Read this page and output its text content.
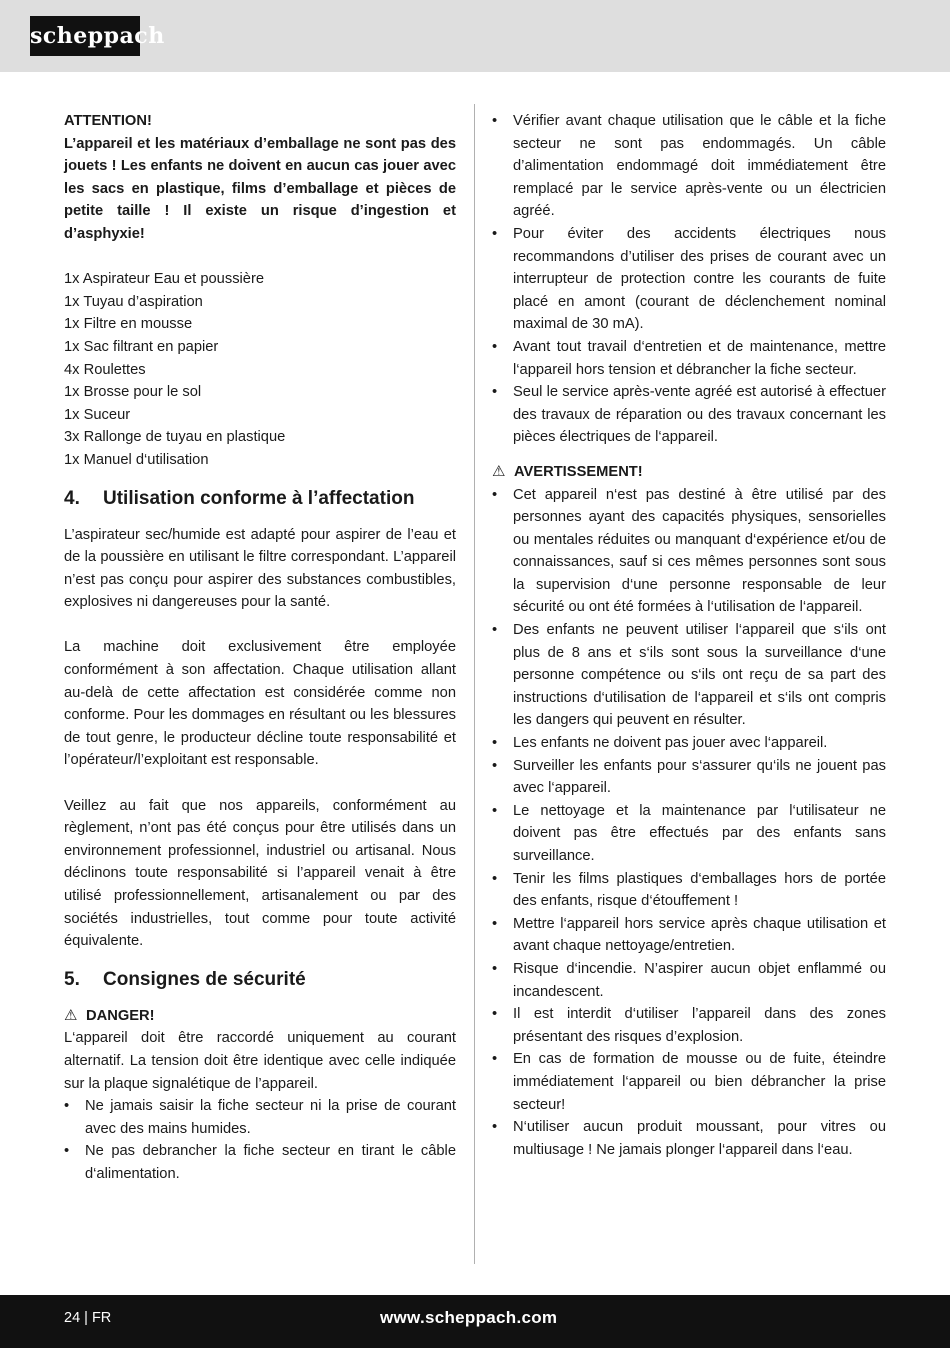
scheppach
ATTENTION!
L’appareil et les matériaux d’emballage ne sont pas des jouets ! Les enfants ne doivent en aucun cas jouer avec les sacs en plastique, films d’emballage et pièces de petite taille ! Il existe un risque d’ingestion et d’asphyxie!
1x Aspirateur Eau et poussière
1x Tuyau d’aspiration
1x Filtre en mousse
1x Sac filtrant en papier
4x Roulettes
1x Brosse pour le sol
1x Suceur
3x Rallonge de tuyau en plastique
1x Manuel d‘utilisation
4.	Utilisation conforme à l’affectation
L’aspirateur sec/humide est adapté pour aspirer de l’eau et de la poussière en utilisant le filtre correspondant. L’appareil n’est pas conçu pour aspirer des substances combustibles, explosives ni dangereuses pour la santé.
La machine doit exclusivement être employée conformément à son affectation. Chaque utilisation allant au-delà de cette affectation est considérée comme non conforme. Pour les dommages en résultant ou les blessures de tout genre, le producteur décline toute responsabilité et l’opérateur/l’exploitant est responsable.
Veillez au fait que nos appareils, conformément au règlement, n’ont pas été conçus pour être utilisés dans un environnement professionnel, industriel ou artisanal. Nous déclinons toute responsabilité si l’appareil venait à être utilisé professionnellement, artisanalement ou par des sociétés industrielles, tout comme pour toute activité équivalente.
5.	Consignes de sécurité
⚠ DANGER!
L‘appareil doit être raccordé uniquement au courant alternatif. La tension doit être identique avec celle indiquée sur la plaque signalétique de l’appareil.
• Ne jamais saisir la fiche secteur ni la prise de courant avec des mains humides.
• Ne pas debrancher la fiche secteur en tirant le câble d‘alimentation.
• Vérifier avant chaque utilisation que le câble et la fiche secteur ne sont pas endommagés. Un câble d’alimentation endommagé doit immédiatement être remplacé par le service après-vente ou un électricien agréé.
• Pour éviter des accidents électriques nous recommandons d’utiliser des prises de courant avec un interrupteur de protection contre les courants de fuite placé en amont (courant de déclenchement nominal maximal de 30 mA).
• Avant tout travail d‘entretien et de maintenance, mettre l‘appareil hors tension et débrancher la fiche secteur.
• Seul le service après-vente agréé est autorisé à effectuer des travaux de réparation ou des travaux concernant les pièces électriques de l‘appareil.
⚠ AVERTISSEMENT!
• Cet appareil n‘est pas destiné à être utilisé par des personnes ayant des capacités physiques, sensorielles ou mentales réduites ou manquant d‘expérience et/ou de connaissances, sauf si ces mêmes personnes sont sous la supervision d‘une personne responsable de leur sécurité ou ont été formées à l‘utilisation de l‘appareil.
• Des enfants ne peuvent utiliser l‘appareil que s‘ils ont plus de 8 ans et s‘ils sont sous la surveillance d‘une personne compétence ou s‘ils ont reçu de sa part des instructions d‘utilisation de l‘appareil et s‘ils ont compris les dangers qui peuvent en résulter.
• Les enfants ne doivent pas jouer avec l‘appareil.
• Surveiller les enfants pour s‘assurer qu‘ils ne jouent pas avec l‘appareil.
• Le nettoyage et la maintenance par l‘utilisateur ne doivent pas être effectués par des enfants sans surveillance.
• Tenir les films plastiques d‘emballages hors de portée des enfants, risque d‘étouffement !
• Mettre l‘appareil hors service après chaque utilisation et avant chaque nettoyage/entretien.
• Risque d‘incendie. N’aspirer aucun objet enflammé ou incandescent.
• Il est interdit d‘utiliser l’appareil dans des zones présentant des risques d’explosion.
• En cas de formation de mousse ou de fuite, éteindre immédiatement l‘appareil ou bien débrancher la prise secteur!
• N‘utiliser aucun produit moussant, pour vitres ou multiusage ! Ne jamais plonger l‘appareil dans l‘eau.
24 | FR	www.scheppach.com
